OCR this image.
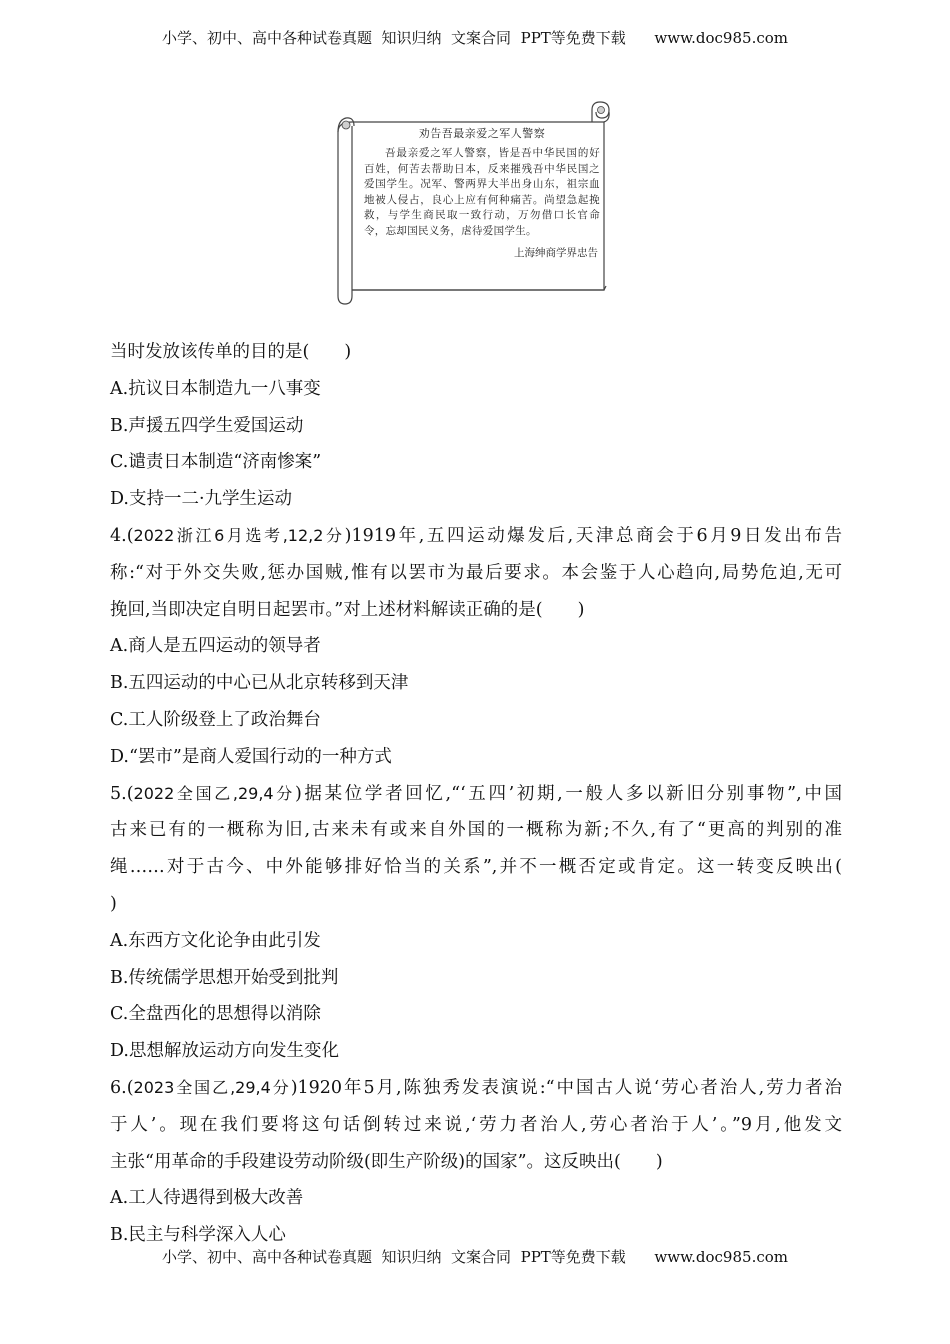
小学、初中、高中各种试卷真题  知识归纳  文案合同  PPT等免费下载      www.doc985.com
劝告吾最亲爱之军人警察
吾最亲爱之军人警察，皆是吾中华民国的好百姓，何苦去帮助日本，反来摧残吾中华民国之爱国学生。况军、警两界大半出身山东，祖宗血地被人侵占，良心上应有何种痛苦。尚望急起挽救，与学生商民取一致行动，万勿借口长官命令，忘却国民义务，虐待爱国学生。
上海绅商学界忠告
当时发放该传单的目的是(　　)
A.抗议日本制造九一八事变
B.声援五四学生爱国运动
C.谴责日本制造“济南惨案”
D.支持一二·九学生运动
4.(2022浙江6月选考,12,2分)1919年,五四运动爆发后,天津总商会于6月9日发出布告
称:“对于外交失败,惩办国贼,惟有以罢市为最后要求。本会鉴于人心趋向,局势危迫,无可
挽回,当即决定自明日起罢市。”对上述材料解读正确的是(　　)
A.商人是五四运动的领导者
B.五四运动的中心已从北京转移到天津
C.工人阶级登上了政治舞台
D.“罢市”是商人爱国行动的一种方式
5.(2022全国乙,29,4分)据某位学者回忆,“‘五四’初期,一般人多以新旧分别事物”,中国
古来已有的一概称为旧,古来未有或来自外国的一概称为新;不久,有了“更高的判别的准
绳……对于古今、中外能够排好恰当的关系”,并不一概否定或肯定。这一转变反映出(
)
A.东西方文化论争由此引发
B.传统儒学思想开始受到批判
C.全盘西化的思想得以消除
D.思想解放运动方向发生变化
6.(2023全国乙,29,4分)1920年5月,陈独秀发表演说:“中国古人说‘劳心者治人,劳力者治
于人’。现在我们要将这句话倒转过来说,‘劳力者治人,劳心者治于人’。”9月,他发文
主张“用革命的手段建设劳动阶级(即生产阶级)的国家”。这反映出(　　)
A.工人待遇得到极大改善
B.民主与科学深入人心
小学、初中、高中各种试卷真题  知识归纳  文案合同  PPT等免费下载      www.doc985.com
